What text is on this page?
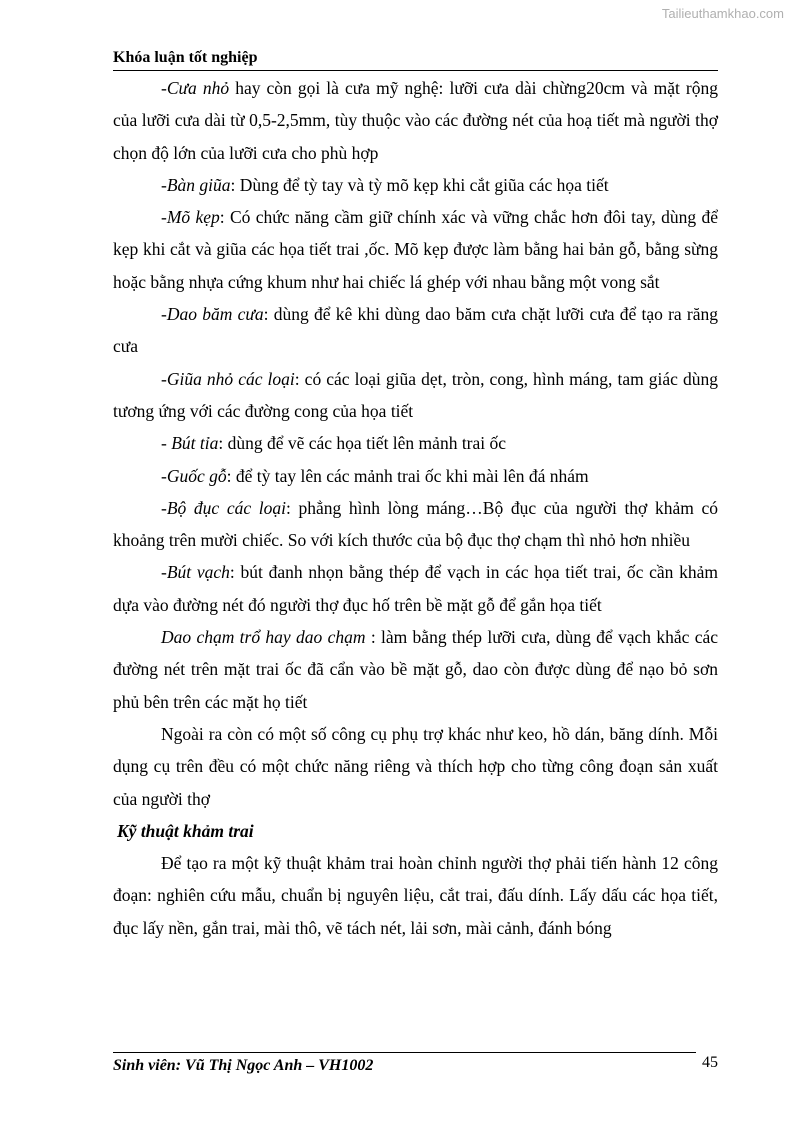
Tailieuthamkhao.com
Khóa luận tốt nghiệp

-Cưa nhỏ hay còn gọi là cưa mỹ nghệ: lưỡi cưa dài chừng20cm và mặt rộng của lưỡi cưa dài từ 0,5-2,5mm, tùy thuộc vào các đường nét của hoạ tiết mà người thợ chọn độ lớn của lưỡi cưa cho phù hợp

-Bàn giũa: Dùng để tỳ tay và tỳ mõ kẹp khi cắt giũa các họa tiết

-Mõ kẹp: Có chức năng cầm giữ chính xác và vững chắc hơn đôi tay, dùng để kẹp khi cắt và giũa các họa tiết trai ,ốc. Mõ kẹp được làm bằng hai bản gỗ, bằng sừng hoặc bằng nhựa cứng khum như hai chiếc lá ghép với nhau bằng một vong sắt

-Dao băm cưa: dùng để kê khi dùng dao băm cưa chặt lưỡi cưa để tạo ra răng cưa

-Giũa nhỏ các loại: có các loại giũa dẹt, tròn, cong, hình máng, tam giác dùng tương ứng với các đường cong của họa tiết

- Bút tỉa: dùng để vẽ các họa tiết lên mảnh trai ốc

-Guốc gỗ: để tỳ tay lên các mảnh trai ốc khi mài lên đá nhám

-Bộ đục các loại: phẳng hình lòng máng…Bộ đục của người thợ khảm có khoảng trên mười chiếc. So với kích thước của bộ đục thợ chạm thì nhỏ hơn nhiều

-Bút vạch: bút đanh nhọn bằng thép để vạch in các họa tiết trai, ốc cần khảm dựa vào đường nét đó người thợ đục hố trên bề mặt gỗ để gắn họa tiết

Dao chạm trổ hay dao chạm : làm bằng thép lưỡi cưa, dùng để vạch khắc các đường nét trên mặt trai ốc đã cẩn vào bề mặt gỗ, dao còn được dùng để nạo bỏ sơn phủ bên trên các mặt họ tiết

Ngoài ra còn có một số công cụ phụ trợ khác như keo, hồ dán, băng dính. Mỗi dụng cụ trên đều có một chức năng riêng và thích hợp cho từng công đoạn sản xuất của người thợ

Kỹ thuật khảm trai

Để tạo ra một kỹ thuật khảm trai hoàn chỉnh người thợ phải tiến hành 12 công đoạn: nghiên cứu mẫu, chuẩn bị nguyên liệu, cắt trai, đấu dính. Lấy dấu các họa tiết, đục lấy nền, gắn trai, mài thô, vẽ tách nét, lải sơn, mài cảnh, đánh bóng

Sinh viên: Vũ Thị Ngọc Anh – VH1002	45
